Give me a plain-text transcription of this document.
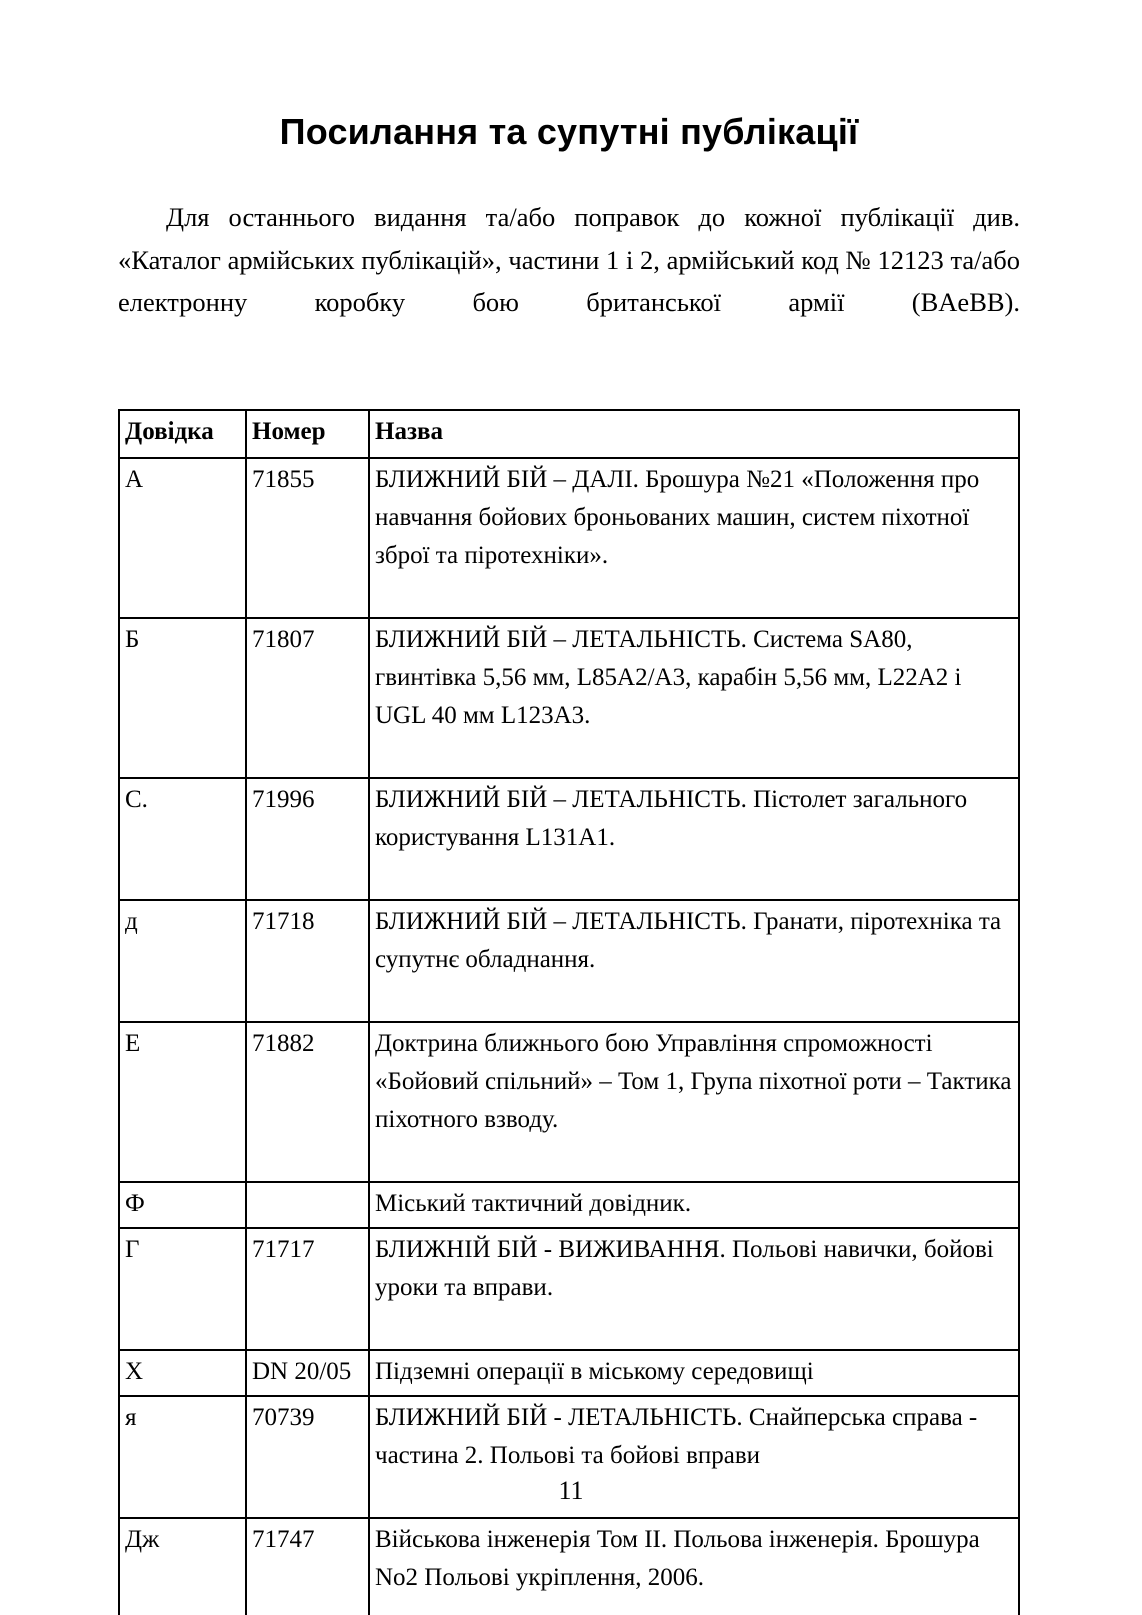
Посилання та супутні публікації

Для останнього видання та/або поправок до кожної публікації див. «Каталог армійських публікацій», частини 1 і 2, армійський код № 12123 та/або електронну коробку бою британської армії (BAeBB).

Довідка	Номер	Назва
А	71855	БЛИЖНИЙ БІЙ – ДАЛІ. Брошура №21 «Положення про навчання бойових броньованих машин, систем піхотної зброї та піротехніки».
Б	71807	БЛИЖНИЙ БІЙ – ЛЕТАЛЬНІСТЬ. Система SA80, гвинтівка 5,56 мм, L85A2/A3, карабін 5,56 мм, L22A2 і UGL 40 мм L123A3.
С.	71996	БЛИЖНИЙ БІЙ – ЛЕТАЛЬНІСТЬ. Пістолет загального користування L131A1.
д	71718	БЛИЖНИЙ БІЙ – ЛЕТАЛЬНІСТЬ. Гранати, піротехніка та супутнє обладнання.
Е	71882	Доктрина ближнього бою Управління спроможності «Бойовий спільний» – Том 1, Група піхотної роти – Тактика піхотного взводу.
Ф		Міський тактичний довідник.
Г	71717	БЛИЖНІЙ БІЙ - ВИЖИВАННЯ. Польові навички, бойові уроки та вправи.
Х	DN 20/05	Підземні операції в міському середовищі
я	70739	БЛИЖНИЙ БІЙ - ЛЕТАЛЬНІСТЬ. Снайперська справа - частина 2. Польові та бойові вправи
Дж	71747	Військова інженерія Том II. Польова інженерія. Брошура No2 Польові укріплення, 2006.
11
